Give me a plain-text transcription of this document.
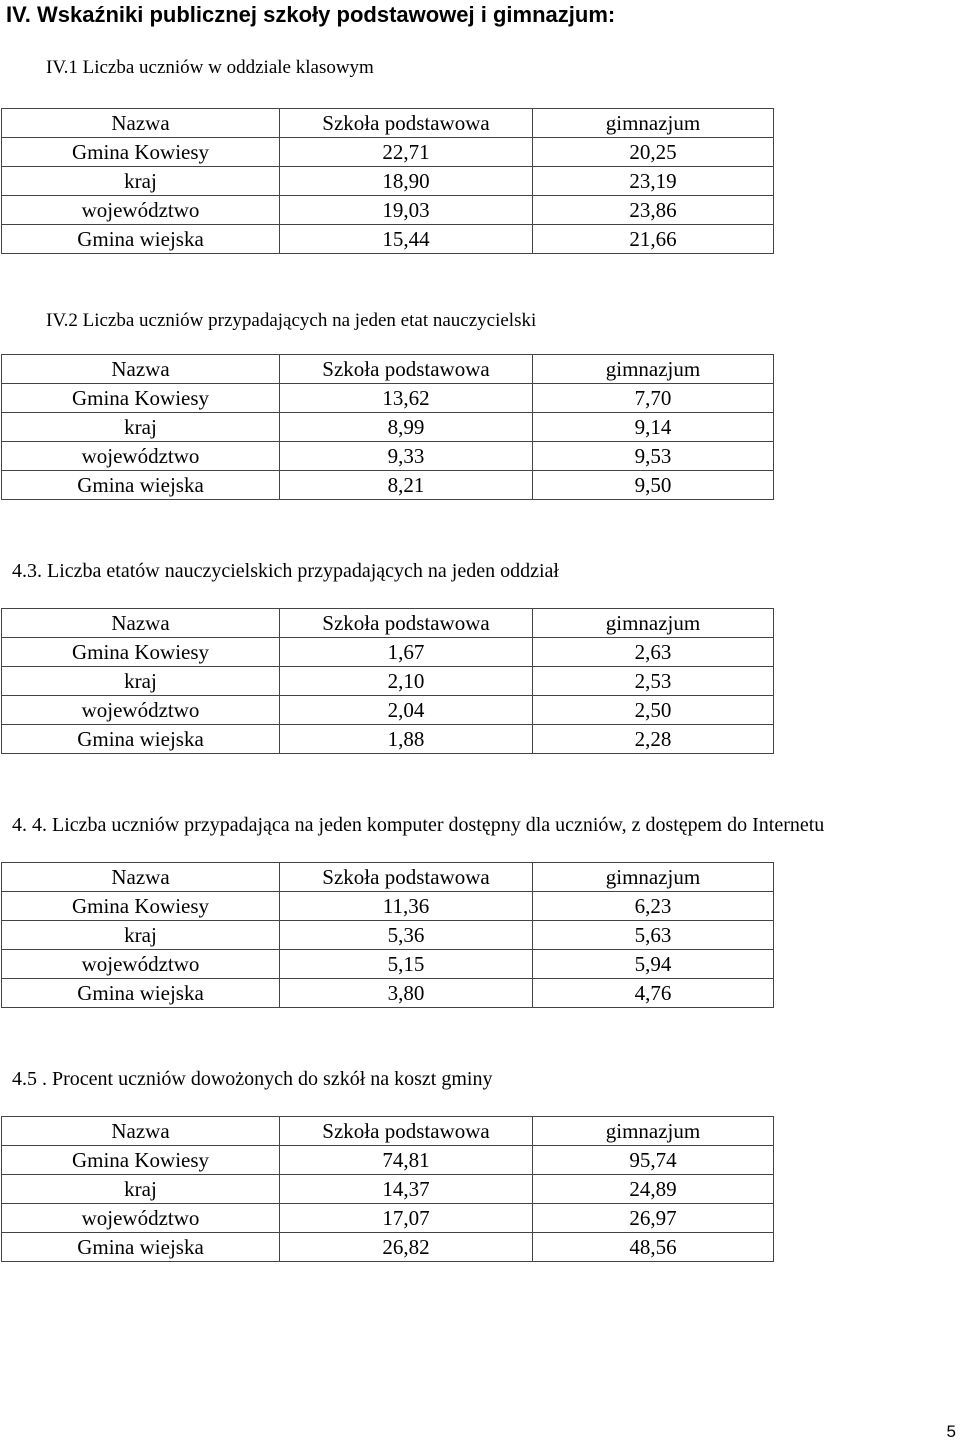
IV. Wskaźniki publicznej szkoły podstawowej i gimnazjum:
IV.1 Liczba uczniów w oddziale klasowym
Nazwa	Szkoła podstawowa	gimnazjum
Gmina Kowiesy	22,71	20,25
kraj	18,90	23,19
województwo	19,03	23,86
Gmina wiejska	15,44	21,66
IV.2 Liczba uczniów przypadających na jeden etat nauczycielski
Nazwa	Szkoła podstawowa	gimnazjum
Gmina Kowiesy	13,62	7,70
kraj	8,99	9,14
województwo	9,33	9,53
Gmina wiejska	8,21	9,50
4.3. Liczba etatów nauczycielskich przypadających na jeden oddział
Nazwa	Szkoła podstawowa	gimnazjum
Gmina Kowiesy	1,67	2,63
kraj	2,10	2,53
województwo	2,04	2,50
Gmina wiejska	1,88	2,28
4. 4. Liczba uczniów przypadająca na jeden komputer dostępny dla uczniów, z dostępem do Internetu
Nazwa	Szkoła podstawowa	gimnazjum
Gmina Kowiesy	11,36	6,23
kraj	5,36	5,63
województwo	5,15	5,94
Gmina wiejska	3,80	4,76
4.5 . Procent uczniów dowożonych do szkół na koszt gminy
Nazwa	Szkoła podstawowa	gimnazjum
Gmina Kowiesy	74,81	95,74
kraj	14,37	24,89
województwo	17,07	26,97
Gmina wiejska	26,82	48,56
5
